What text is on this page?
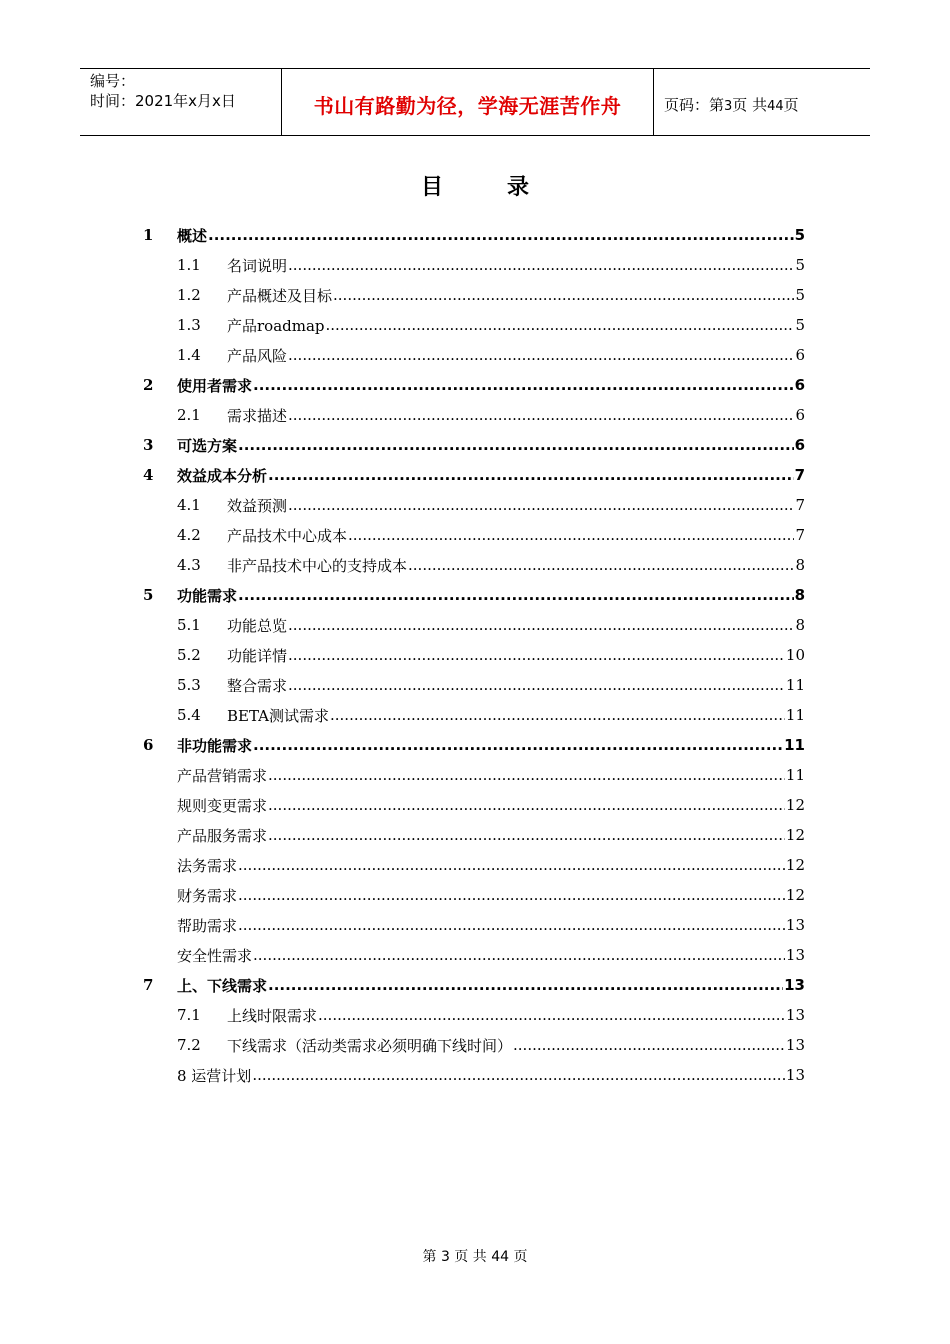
编号：
时间：2021年x月x日	书山有路勤为径，学海无涯苦作舟	页码：第3页 共44页
目	录
1	概述 .....	5
1.1	名词说明 .....	5
1.2	产品概述及目标 .....	5
1.3	产品roadmap .....	5
1.4	产品风险 .....	6
2	使用者需求 .....	6
2.1	需求描述 .....	6
3	可选方案 .....	6
4	效益成本分析 .....	7
4.1	效益预测 .....	7
4.2	产品技术中心成本 .....	7
4.3	非产品技术中心的支持成本 .....	8
5	功能需求 .....	8
5.1	功能总览 .....	8
5.2	功能详情 .....	10
5.3	整合需求 .....	11
5.4	BETA测试需求 .....	11
6	非功能需求 .....	11
产品营销需求 .....	11
规则变更需求 .....	12
产品服务需求 .....	12
法务需求 .....	12
财务需求 .....	12
帮助需求 .....	13
安全性需求 .....	13
7	上、下线需求 .....	13
7.1	上线时限需求 .....	13
7.2	下线需求（活动类需求必须明确下线时间） .....	13
8 运营计划 .....	13
第 3 页 共 44 页
